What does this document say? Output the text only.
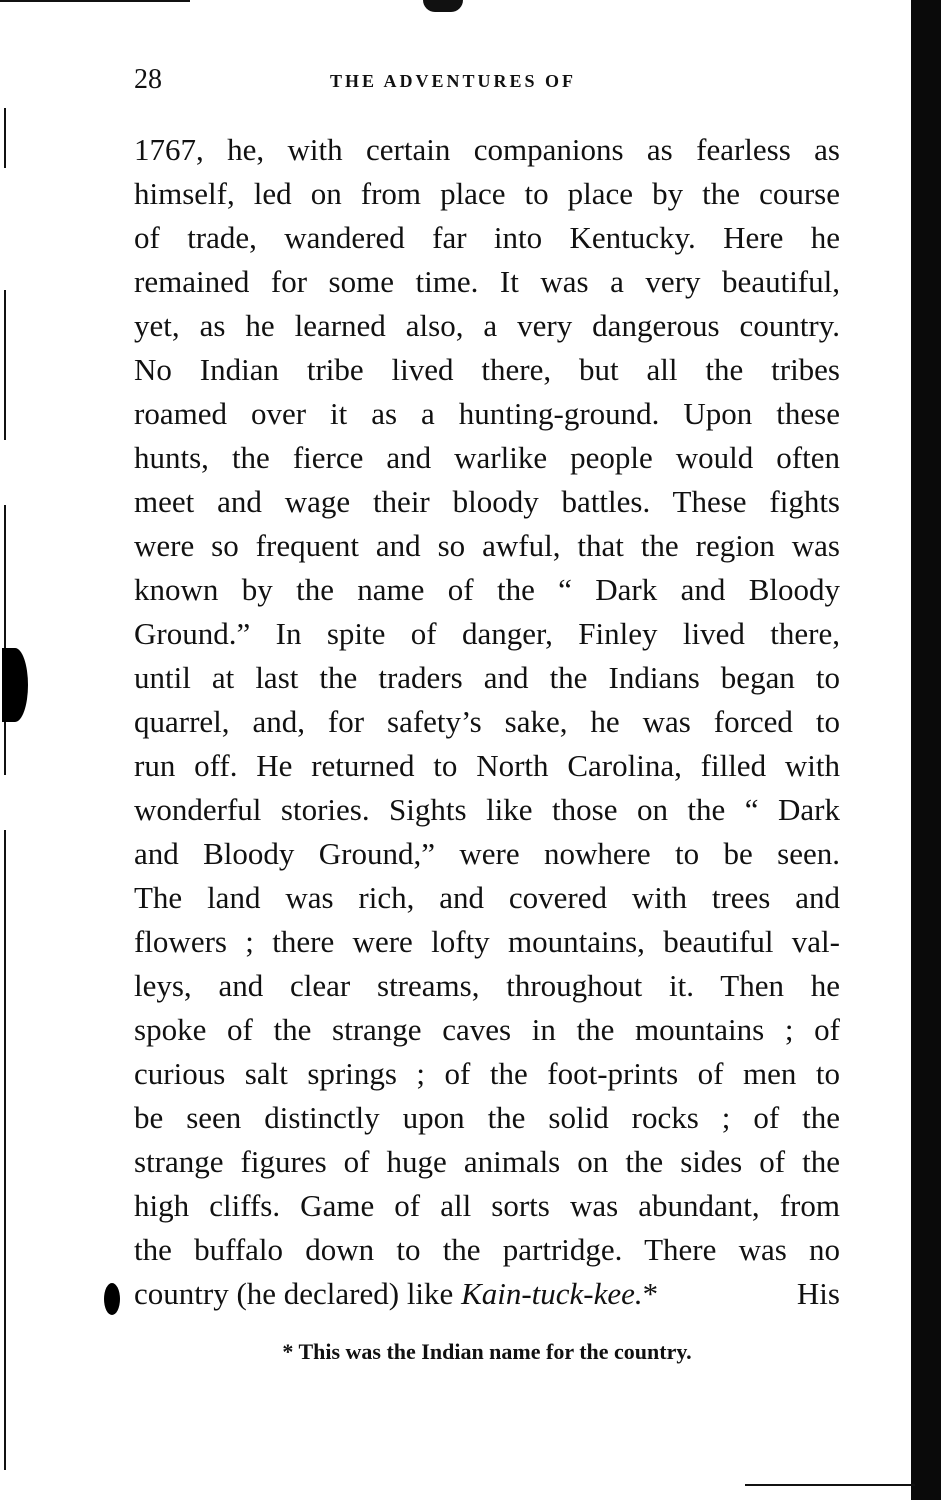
28	THE ADVENTURES OF
1767, he, with certain companions as fearless as
himself, led on from place to place by the course
of trade, wandered far into Kentucky. Here he
remained for some time. It was a very beautiful,
yet, as he learned also, a very dangerous country.
No Indian tribe lived there, but all the tribes
roamed over it as a hunting-ground. Upon these
hunts, the fierce and warlike people would often
meet and wage their bloody battles. These fights
were so frequent and so awful, that the region was
known by the name of the “ Dark and Bloody
Ground.” In spite of danger, Finley lived there,
until at last the traders and the Indians began to
quarrel, and, for safety’s sake, he was forced to
run off. He returned to North Carolina, filled with
wonderful stories. Sights like those on the “ Dark
and Bloody Ground,” were nowhere to be seen.
The land was rich, and covered with trees and
flowers ; there were lofty mountains, beautiful val-
leys, and clear streams, throughout it. Then he
spoke of the strange caves in the mountains ; of
curious salt springs ; of the foot-prints of men to
be seen distinctly upon the solid rocks ; of the
strange figures of huge animals on the sides of the
high cliffs. Game of all sorts was abundant, from
the buffalo down to the partridge. There was no
country (he declared) like Kain-tuck-kee. *	His
* This was the Indian name for the country.
